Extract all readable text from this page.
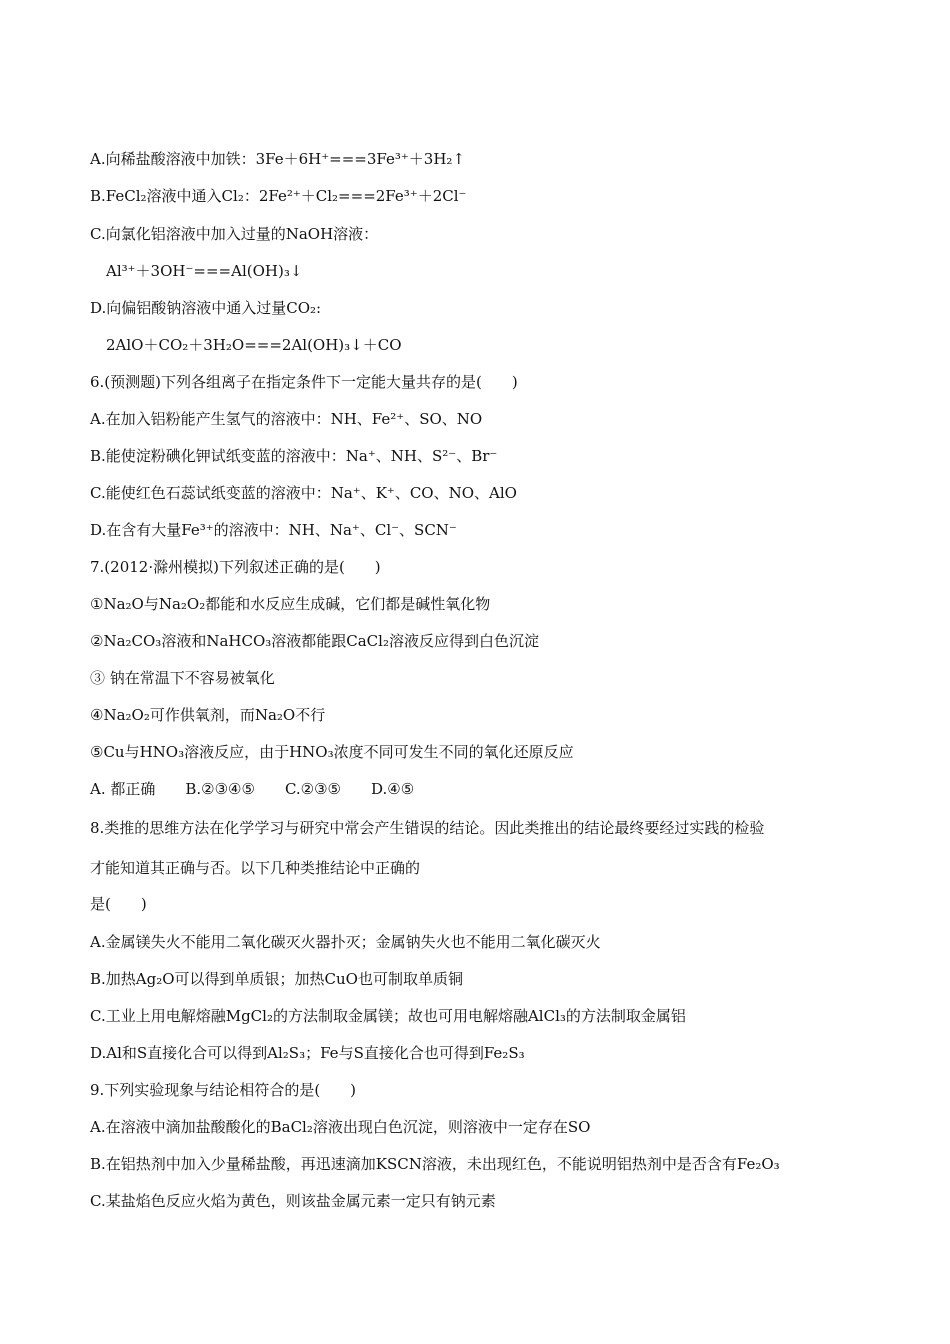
A.向稀盐酸溶液中加铁：3Fe＋6H⁺===3Fe³⁺＋3H₂↑
B.FeCl₂溶液中通入Cl₂：2Fe²⁺＋Cl₂===2Fe³⁺＋2Cl⁻
C.向氯化铝溶液中加入过量的NaOH溶液：
Al³⁺＋3OH⁻===Al(OH)₃↓
D.向偏铝酸钠溶液中通入过量CO₂:
2AlO＋CO₂＋3H₂O===2Al(OH)₃↓＋CO
6.(预测题)下列各组离子在指定条件下一定能大量共存的是(　　)
A.在加入铝粉能产生氢气的溶液中：NH、Fe²⁺、SO、NO
B.能使淀粉碘化钾试纸变蓝的溶液中：Na⁺、NH、S²⁻、Br⁻
C.能使红色石蕊试纸变蓝的溶液中：Na⁺、K⁺、CO、NO、AlO
D.在含有大量Fe³⁺的溶液中：NH、Na⁺、Cl⁻、SCN⁻
7.(2012·滁州模拟)下列叙述正确的是(　　)
①Na₂O与Na₂O₂都能和水反应生成碱，它们都是碱性氧化物
②Na₂CO₃溶液和NaHCO₃溶液都能跟CaCl₂溶液反应得到白色沉淀
③ 钠在常温下不容易被氧化
④Na₂O₂可作供氧剂，而Na₂O不行
⑤Cu与HNO₃溶液反应，由于HNO₃浓度不同可发生不同的氧化还原反应
A. 都正确　　B.②③④⑤　　C.②③⑤　　D.④⑤
8.类推的思维方法在化学学习与研究中常会产生错误的结论。因此类推出的结论最终要经过实践的检验
才能知道其正确与否。以下几种类推结论中正确的
是(　　)
A.金属镁失火不能用二氧化碳灭火器扑灭；金属钠失火也不能用二氧化碳灭火
B.加热Ag₂O可以得到单质银；加热CuO也可制取单质铜
C.工业上用电解熔融MgCl₂的方法制取金属镁；故也可用电解熔融AlCl₃的方法制取金属铝
D.Al和S直接化合可以得到Al₂S₃；Fe与S直接化合也可得到Fe₂S₃
9.下列实验现象与结论相符合的是(　　)
A.在溶液中滴加盐酸酸化的BaCl₂溶液出现白色沉淀，则溶液中一定存在SO
B.在铝热剂中加入少量稀盐酸，再迅速滴加KSCN溶液，未出现红色，不能说明铝热剂中是否含有Fe₂O₃
C.某盐焰色反应火焰为黄色，则该盐金属元素一定只有钠元素
